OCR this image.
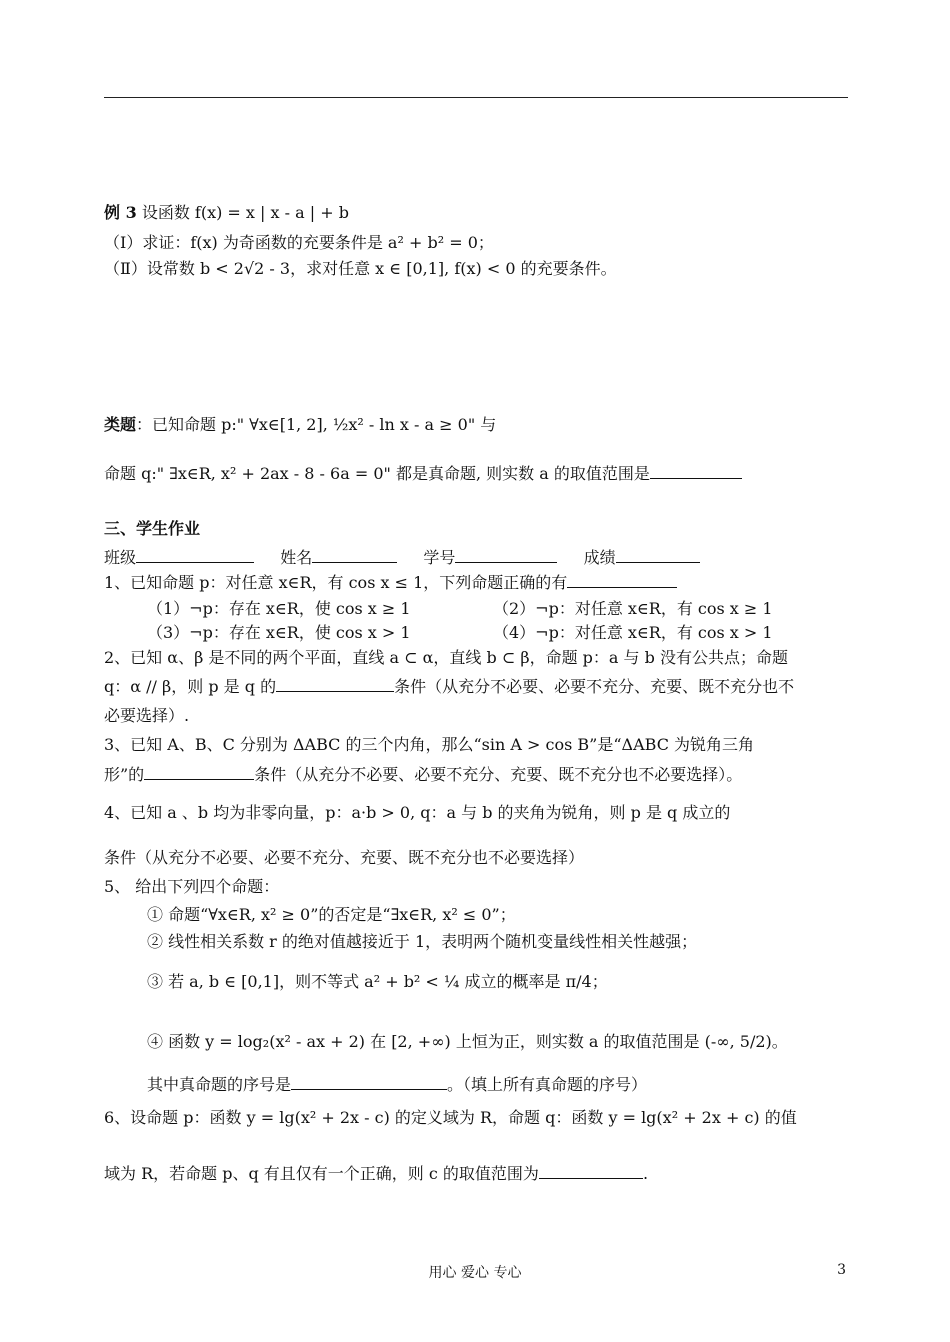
例 3 设函数 f(x) = x | x - a | + b
（Ⅰ）求证：f(x) 为奇函数的充要条件是 a² + b² = 0；
（Ⅱ）设常数 b < 2√2 - 3，求对任意 x ∈ [0,1], f(x) < 0 的充要条件。
类题：已知命题 p:" ∀x∈[1, 2], ½x² - ln x - a ≥ 0" 与
命题 q:" ∃x∈R, x² + 2ax - 8 - 6a = 0" 都是真命题, 则实数 a 的取值范围是
三、学生作业
班级	姓名	学号	成绩
1、已知命题 p：对任意 x∈R，有 cos x ≤ 1，下列命题正确的有
（1）¬p：存在 x∈R，使 cos x ≥ 1	（2）¬p：对任意 x∈R，有 cos x ≥ 1
（3）¬p：存在 x∈R，使 cos x > 1	（4）¬p：对任意 x∈R，有 cos x > 1
2、已知 α、β 是不同的两个平面，直线 a ⊂ α，直线 b ⊂ β，命题 p：a 与 b 没有公共点；命题
q：α // β，则 p 是 q 的	条件（从充分不必要、必要不充分、充要、既不充分也不
必要选择）.
3、已知 A、B、C 分别为 ΔABC 的三个内角，那么“sin A > cos B”是“ΔABC 为锐角三角
形”的	条件（从充分不必要、必要不充分、充要、既不充分也不必要选择）。
4、已知 a 、b 均为非零向量，p：a·b > 0, q：a 与 b 的夹角为锐角，则 p 是 q 成立的
条件（从充分不必要、必要不充分、充要、既不充分也不必要选择）
5、 给出下列四个命题：
① 命题“∀x∈R, x² ≥ 0”的否定是“∃x∈R, x² ≤ 0”；
② 线性相关系数 r 的绝对值越接近于 1，表明两个随机变量线性相关性越强；
③ 若 a, b ∈ [0,1]，则不等式 a² + b² < ¼ 成立的概率是 π/4；
④ 函数 y = log₂(x² - ax + 2) 在 [2, +∞) 上恒为正，则实数 a 的取值范围是 (-∞, 5/2)。
其中真命题的序号是	。（填上所有真命题的序号）
6、设命题 p：函数 y = lg(x² + 2x - c) 的定义域为 R，命题 q：函数 y = lg(x² + 2x + c) 的值
域为 R，若命题 p、q 有且仅有一个正确，则 c 的取值范围为	.
用心 爱心 专心	3
